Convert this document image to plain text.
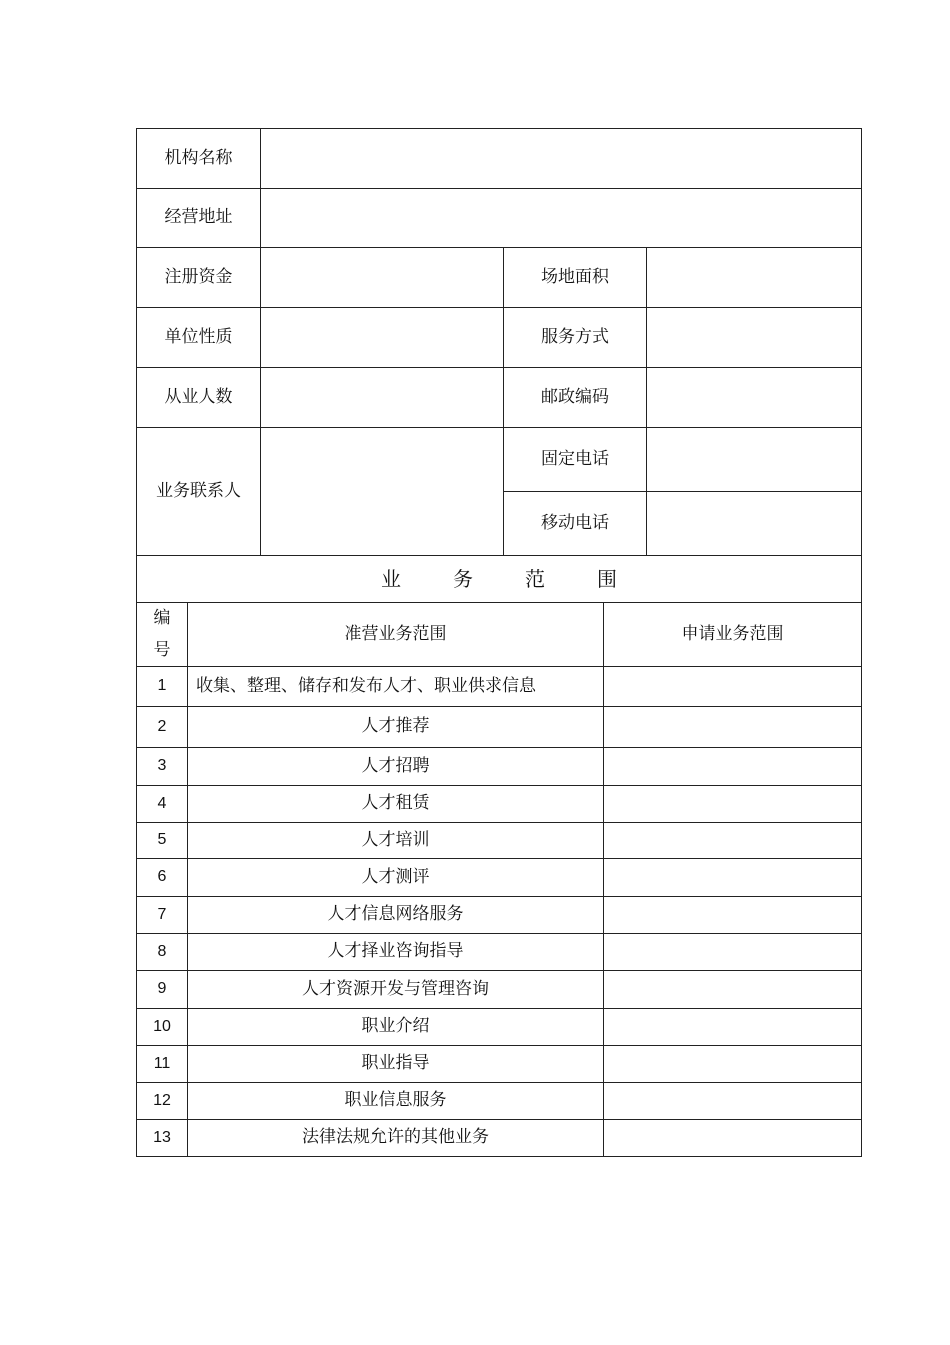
机构名称
经营地址
注册资金	场地面积
单位性质	服务方式
从业人数	邮政编码
业务联系人
固定电话
移动电话
业	务	范	围
编
号
准营业务范围	申请业务范围
1	收集、整理、储存和发布人才、职业供求信息
2	人才推荐
3	人才招聘
4	人才租赁
5	人才培训
6	人才测评
7	人才信息网络服务
8	人才择业咨询指导
9	人才资源开发与管理咨询
10	职业介绍
11	职业指导
12	职业信息服务
13	法律法规允许的其他业务
